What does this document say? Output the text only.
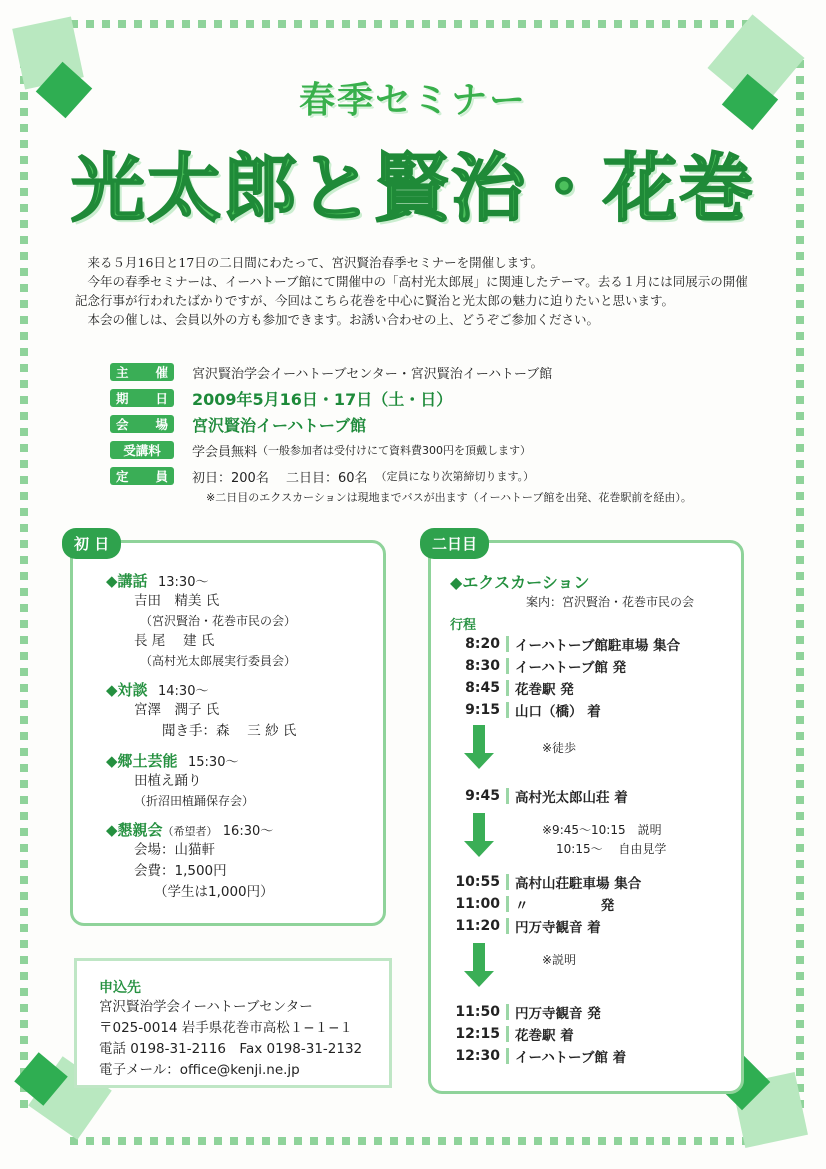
春季セミナー
光太郎と賢治・花巻

来る５月16日と17日の二日間にわたって、宮沢賢治春季セミナーを開催します。

今年の春季セミナーは、イーハトーブ館にて開催中の「高村光太郎展」に関連したテーマ。去る１月には同展示の開催記念行事が行われたばかりですが、今回はこちら花巻を中心に賢治と光太郎の魅力に迫りたいと思います。

本会の催しは、会員以外の方も参加できます。お誘い合わせの上、どうぞご参加ください。

主 催 宮沢賢治学会イーハトーブセンター・宮沢賢治イーハトーブ館
期 日 2009年5月16日・17日（土・日）
会 場 宮沢賢治イーハトーブ館
受講料	学会員無料 （一般参加者は受付けにて資料費300円を頂戴します）
定 員 初日：200名　 二日目：60名 （定員になり次第締切ります。）
※二日目のエクスカーションは現地までバスが出ます（イーハトーブ館を出発、花巻駅前を経由）。
初 日
◆講話 13:30～
吉田　精美 氏
（宮沢賢治・花巻市民の会）
長 尾　 建 氏
（高村光太郎展実行委員会）
◆対談 14:30～
宮澤　潤子 氏
聞き手：森　 三 紗 氏
◆郷土芸能 15:30～
田植え踊り
（折沼田植踊保存会）
◆懇親会（希望者） 16:30～
会場：山猫軒
会費：1,500円
（学生は1,000円）
申込先
宮沢賢治学会イーハトーブセンター
〒025-0014 岩手県花巻市高松１−１−１
電話 0198-31-2116　Fax 0198-31-2132
電子メール：office@kenji.ne.jp
二日目
◆エクスカーション
案内：宮沢賢治・花巻市民の会
行程
8:20	イーハトーブ館駐車場 集合
8:30	イーハトーブ館 発
8:45	花巻駅 発
9:15	山口（橋） 着
※徒歩
9:45	高村光太郎山荘 着
※9:45～10:15　説明
10:15～　 自由見学
10:55	高村山荘駐車場 集合
11:00	〃　　　　　 発
11:20	円万寺観音 着
※説明
11:50	円万寺観音 発
12:15	花巻駅 着
12:30	イーハトーブ館 着
